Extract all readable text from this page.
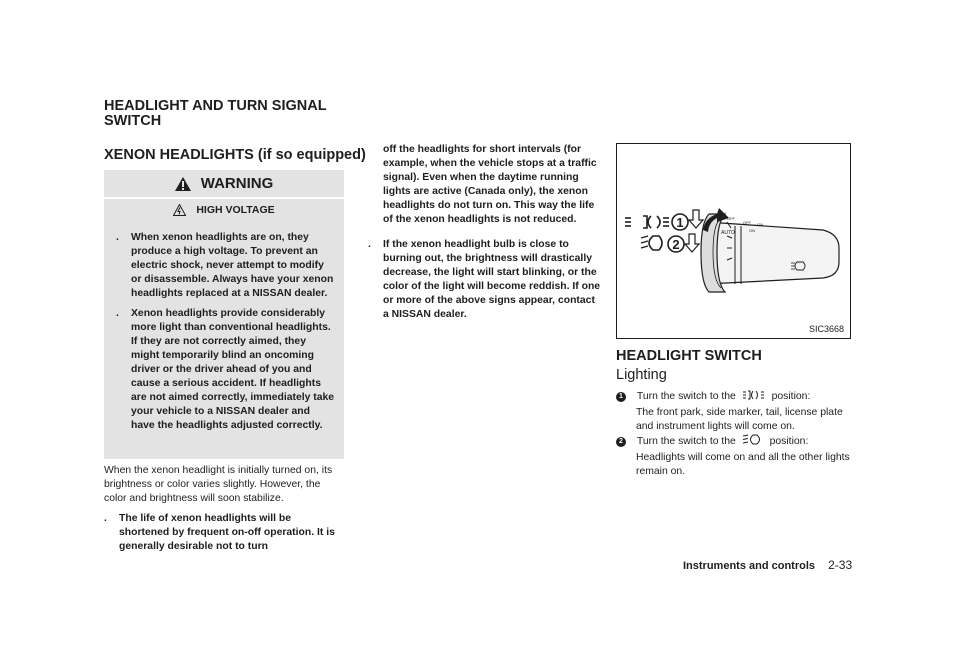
HEADLIGHT AND TURN SIGNAL SWITCH
XENON HEADLIGHTS (if so equipped)
WARNING
HIGH VOLTAGE
. When xenon headlights are on, they produce a high voltage. To prevent an electric shock, never attempt to modify or disassemble. Always have your xenon headlights replaced at a NISSAN dealer.
. Xenon headlights provide considerably more light than conventional headlights. If they are not correctly aimed, they might temporarily blind an oncoming driver or the driver ahead of you and cause a serious accident. If headlights are not aimed correctly, immediately take your vehicle to a NISSAN dealer and have the headlights adjusted correctly.

When the xenon headlight is initially turned on, its brightness or color varies slightly. However, the color and brightness will soon stabilize.

. The life of xenon headlights will be shortened by frequent on-off operation. It is generally desirable not to turn

off the headlights for short intervals (for example, when the vehicle stops at a traffic signal). Even when the daytime running lights are active (Canada only), the xenon headlights do not turn on. This way the life of the xenon headlights is not reduced.

. If the xenon headlight bulb is close to burning out, the brightness will drastically decrease, the light will start blinking, or the color of the light will become reddish. If one or more of the above signs appear, contact a NISSAN dealer.
1
2
OFF
AUTO
OFF
ON
ON
SIC3668
HEADLIGHT SWITCH
Lighting
1 Turn the switch to the	position:
The front park, side marker, tail, license plate and instrument lights will come on.
2 Turn the switch to the	position:
Headlights will come on and all the other lights remain on.
Instruments and controls 2-33
